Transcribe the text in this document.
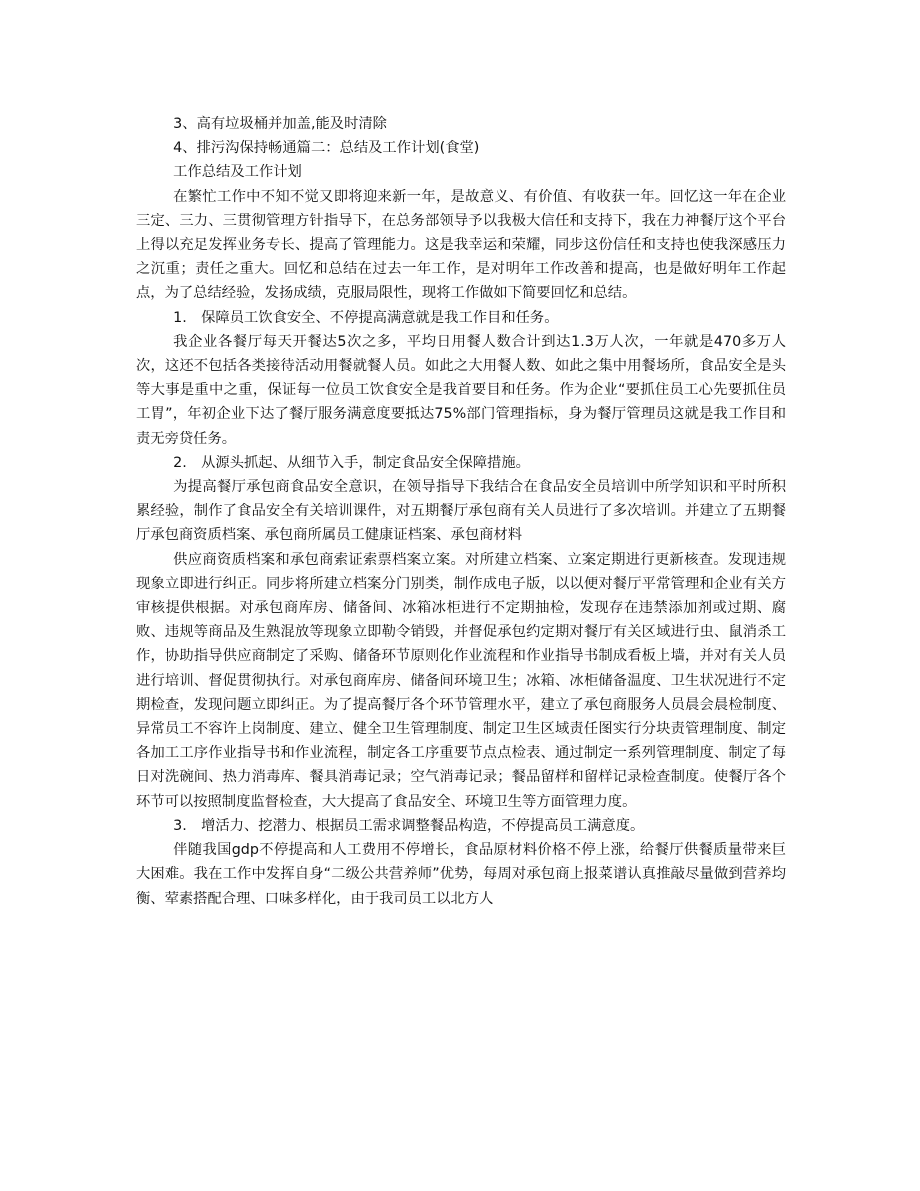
3、高有垃圾桶并加盖,能及时清除

4、排污沟保持畅通篇二：总结及工作计划(食堂)

工作总结及工作计划

在繁忙工作中不知不觉又即将迎来新一年，是故意义、有价值、有收获一年。回忆这一年在企业三定、三力、三贯彻管理方针指导下，在总务部领导予以我极大信任和支持下，我在力神餐厅这个平台上得以充足发挥业务专长、提高了管理能力。这是我幸运和荣耀，同步这份信任和支持也使我深感压力之沉重；责任之重大。回忆和总结在过去一年工作，是对明年工作改善和提高，也是做好明年工作起点，为了总结经验，发扬成绩，克服局限性，现将工作做如下简要回忆和总结。

1.　保障员工饮食安全、不停提高满意就是我工作目和任务。

我企业各餐厅每天开餐达5次之多，平均日用餐人数合计到达1.3万人次，一年就是470多万人次，这还不包括各类接待活动用餐就餐人员。如此之大用餐人数、如此之集中用餐场所，食品安全是头等大事是重中之重，保证每一位员工饮食安全是我首要目和任务。作为企业“要抓住员工心先要抓住员工胃”，年初企业下达了餐厅服务满意度要抵达75%部门管理指标，身为餐厅管理员这就是我工作目和责无旁贷任务。

2.　从源头抓起、从细节入手，制定食品安全保障措施。

为提高餐厅承包商食品安全意识，在领导指导下我结合在食品安全员培训中所学知识和平时所积累经验，制作了食品安全有关培训课件，对五期餐厅承包商有关人员进行了多次培训。并建立了五期餐厅承包商资质档案、承包商所属员工健康证档案、承包商材料

供应商资质档案和承包商索证索票档案立案。对所建立档案、立案定期进行更新核查。发现违规现象立即进行纠正。同步将所建立档案分门别类，制作成电子版，以以便对餐厅平常管理和企业有关方审核提供根据。对承包商库房、储备间、冰箱冰柜进行不定期抽检，发现存在违禁添加剂或过期、腐败、违规等商品及生熟混放等现象立即勒令销毁，并督促承包约定期对餐厅有关区域进行虫、鼠消杀工作，协助指导供应商制定了采购、储备环节原则化作业流程和作业指导书制成看板上墙，并对有关人员进行培训、督促贯彻执行。对承包商库房、储备间环境卫生；冰箱、冰柜储备温度、卫生状况进行不定期检查，发现问题立即纠正。为了提高餐厅各个环节管理水平，建立了承包商服务人员晨会晨检制度、异常员工不容许上岗制度、建立、健全卫生管理制度、制定卫生区域责任图实行分块责管理制度、制定各加工工序作业指导书和作业流程，制定各工序重要节点点检表、通过制定一系列管理制度、制定了每日对洗碗间、热力消毒库、餐具消毒记录；空气消毒记录；餐品留样和留样记录检查制度。使餐厅各个环节可以按照制度监督检查，大大提高了食品安全、环境卫生等方面管理力度。

3.　增活力、挖潜力、根据员工需求调整餐品构造，不停提高员工满意度。

伴随我国gdp不停提高和人工费用不停增长，食品原材料价格不停上涨，给餐厅供餐质量带来巨大困难。我在工作中发挥自身“二级公共营养师”优势，每周对承包商上报菜谱认真推敲尽量做到营养均衡、荤素搭配合理、口味多样化，由于我司员工以北方人
